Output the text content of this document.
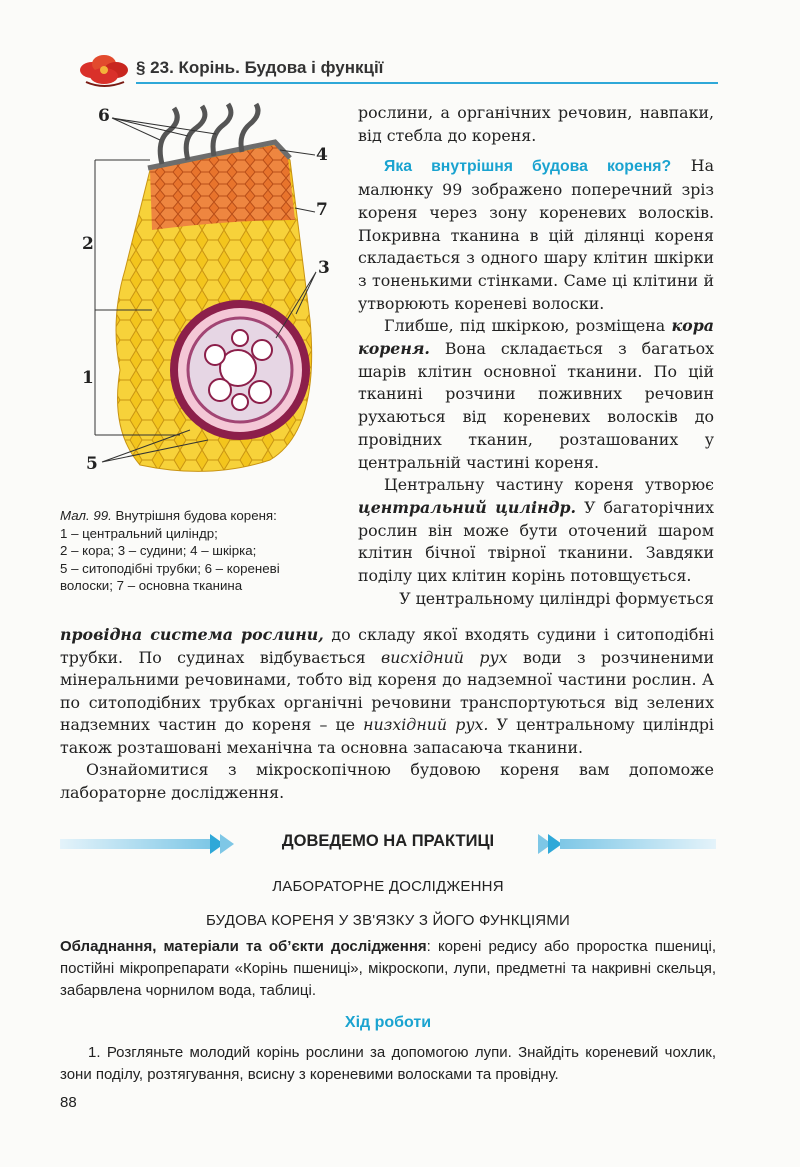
§ 23. Корінь. Будова і функції
6
4
7
2
3
1
5
Мал. 99. Внутрішня будова кореня:
1 – центральний циліндр;
2 – кора; 3 – судини; 4 – шкірка;
5 – ситоподібні трубки; 6 – кореневі
волоски; 7 – основна тканина

рослини, а органічних речовин, навпаки, від стебла до кореня.

Яка внутрішня будова кореня? На малюнку 99 зображено поперечний зріз кореня через зону кореневих волосків. Покривна тканина в цій ділянці кореня складається з одного шару клітин шкірки з тоненькими стінками. Саме ці клітини й утворюють кореневі волоски.

Глибше, під шкіркою, розміщена кора кореня. Вона складається з багатьох шарів клітин основної тканини. По цій тканині розчини поживних речовин рухаються від кореневих волосків до провідних тканин, розташованих у центральній частині кореня.

Центральну частину кореня утворює центральний циліндр. У багаторічних рослин він може бути оточений шаром клітин бічної твірної тканини. Завдяки поділу цих клітин корінь потовщується.

У центральному циліндрі формується

провідна система рослини, до складу якої входять судини і ситоподібні трубки. По судинах відбувається висхідний рух води з розчиненими мінеральними речовинами, тобто від кореня до надземної частини рослин. А по ситоподібних трубках органічні речовини транспортуються від зелених надземних частин до кореня – це низхідний рух. У центральному циліндрі також розташовані механічна та основна запасаюча тканини.

Ознайомитися з мікроскопічною будовою кореня вам допоможе лабораторне дослідження.

ДОВЕДЕМО НА ПРАКТИЦІ
ЛАБОРАТОРНЕ ДОСЛІДЖЕННЯ
БУДОВА КОРЕНЯ У ЗВ'ЯЗКУ З ЙОГО ФУНКЦІЯМИ
Обладнання, матеріали та об’єкти дослідження: корені редису або проростка пшениці, постійні мікропрепарати «Корінь пшениці», мікроскопи, лупи, предметні та накривні скельця, забарвлена чорнилом вода, таблиці.
Хід роботи
1. Розгляньте молодий корінь рослини за допомогою лупи. Знайдіть кореневий чохлик, зони поділу, розтягування, всисну з кореневими волосками та провідну.
88
